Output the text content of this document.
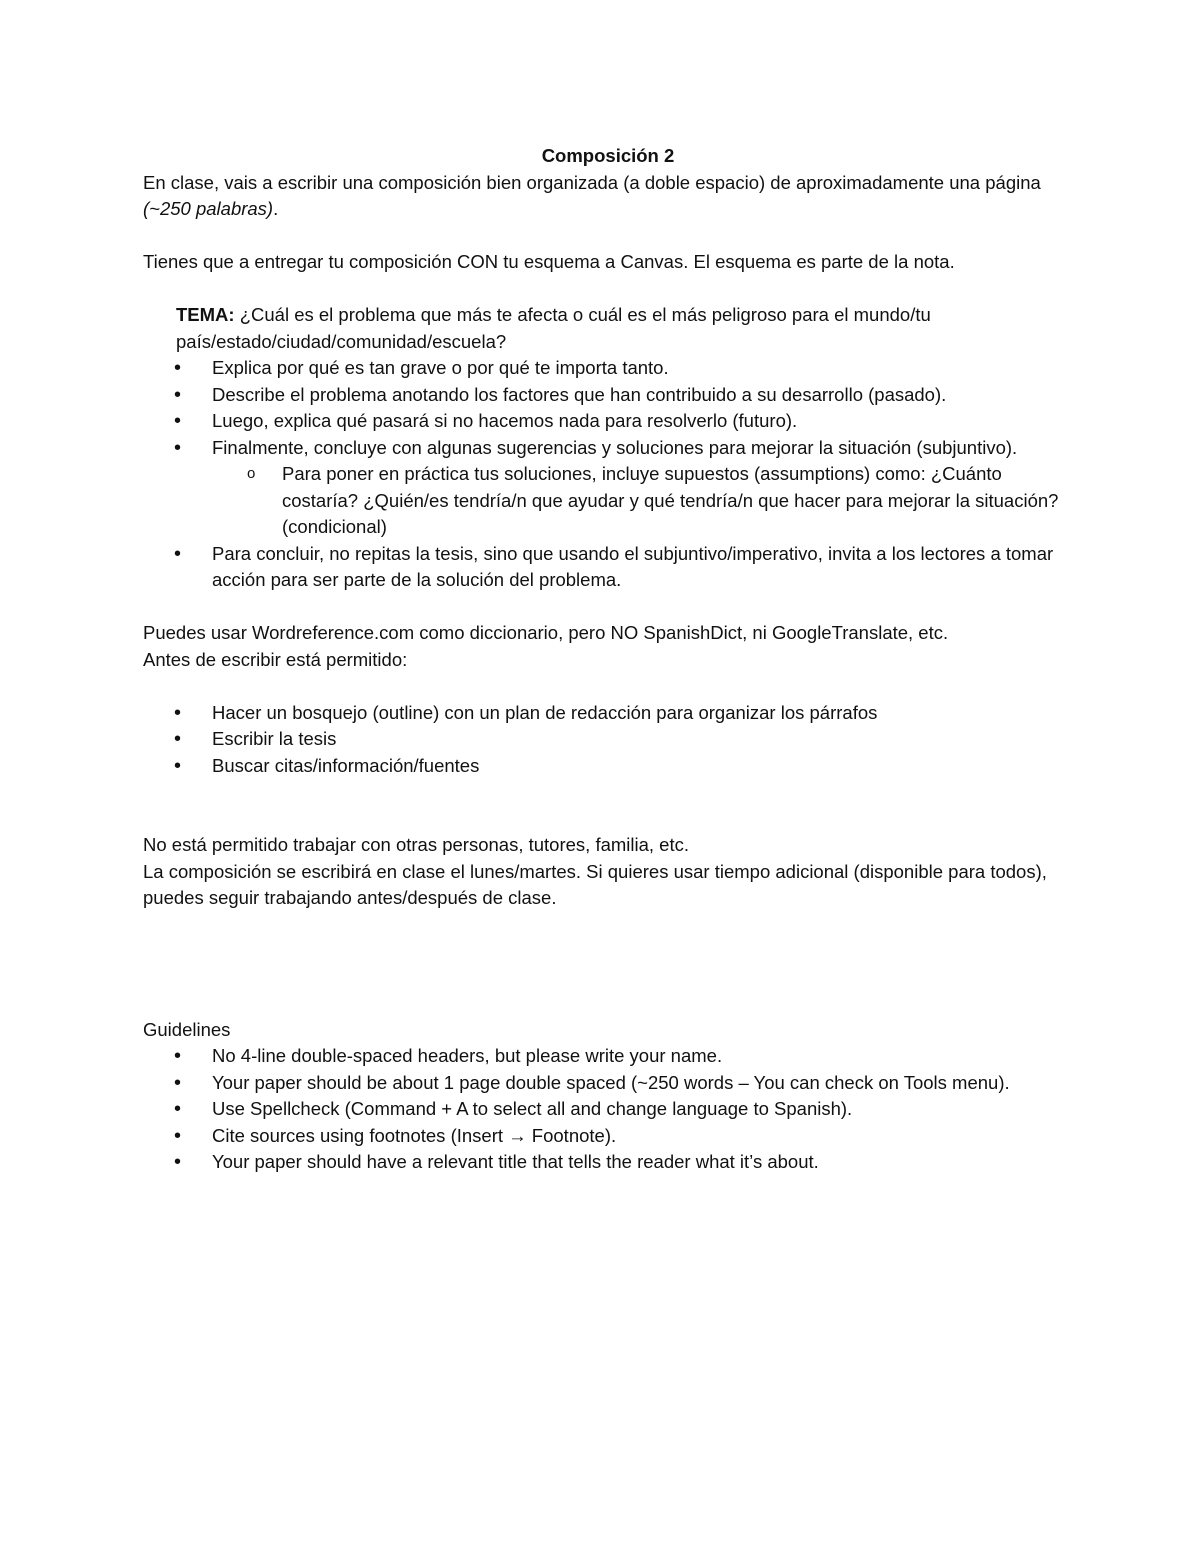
Composición 2

En clase, vais a escribir una composición bien organizada (a doble espacio) de aproximadamente una página (~250 palabras).

Tienes que a entregar tu composición CON tu esquema a Canvas. El esquema es parte de la nota.

TEMA: ¿Cuál es el problema que más te afecta o cuál es el más peligroso para el mundo/tu país/estado/ciudad/comunidad/escuela?

• Explica por qué es tan grave o por qué te importa tanto.
• Describe el problema anotando los factores que han contribuido a su desarrollo (pasado).
• Luego, explica qué pasará si no hacemos nada para resolverlo (futuro).
• Finalmente, concluye con algunas sugerencias y soluciones para mejorar la situación (subjuntivo).
o Para poner en práctica tus soluciones, incluye supuestos (assumptions) como: ¿Cuánto costaría? ¿Quién/es tendría/n que ayudar y qué tendría/n que hacer para mejorar la situación? (condicional)
• Para concluir, no repitas la tesis, sino que usando el subjuntivo/imperativo, invita a los lectores a tomar acción para ser parte de la solución del problema.

Puedes usar Wordreference.com como diccionario, pero NO SpanishDict, ni GoogleTranslate, etc.

Antes de escribir está permitido:

• Hacer un bosquejo (outline) con un plan de redacción para organizar los párrafos
• Escribir la tesis
• Buscar citas/información/fuentes

No está permitido trabajar con otras personas, tutores, familia, etc.

La composición se escribirá en clase el lunes/martes. Si quieres usar tiempo adicional (disponible para todos), puedes seguir trabajando antes/después de clase.

Guidelines

• No 4-line double-spaced headers, but please write your name.
• Your paper should be about 1 page double spaced (~250 words – You can check on Tools menu).
• Use Spellcheck (Command + A to select all and change language to Spanish).
• Cite sources using footnotes (Insert → Footnote).
• Your paper should have a relevant title that tells the reader what it’s about.
